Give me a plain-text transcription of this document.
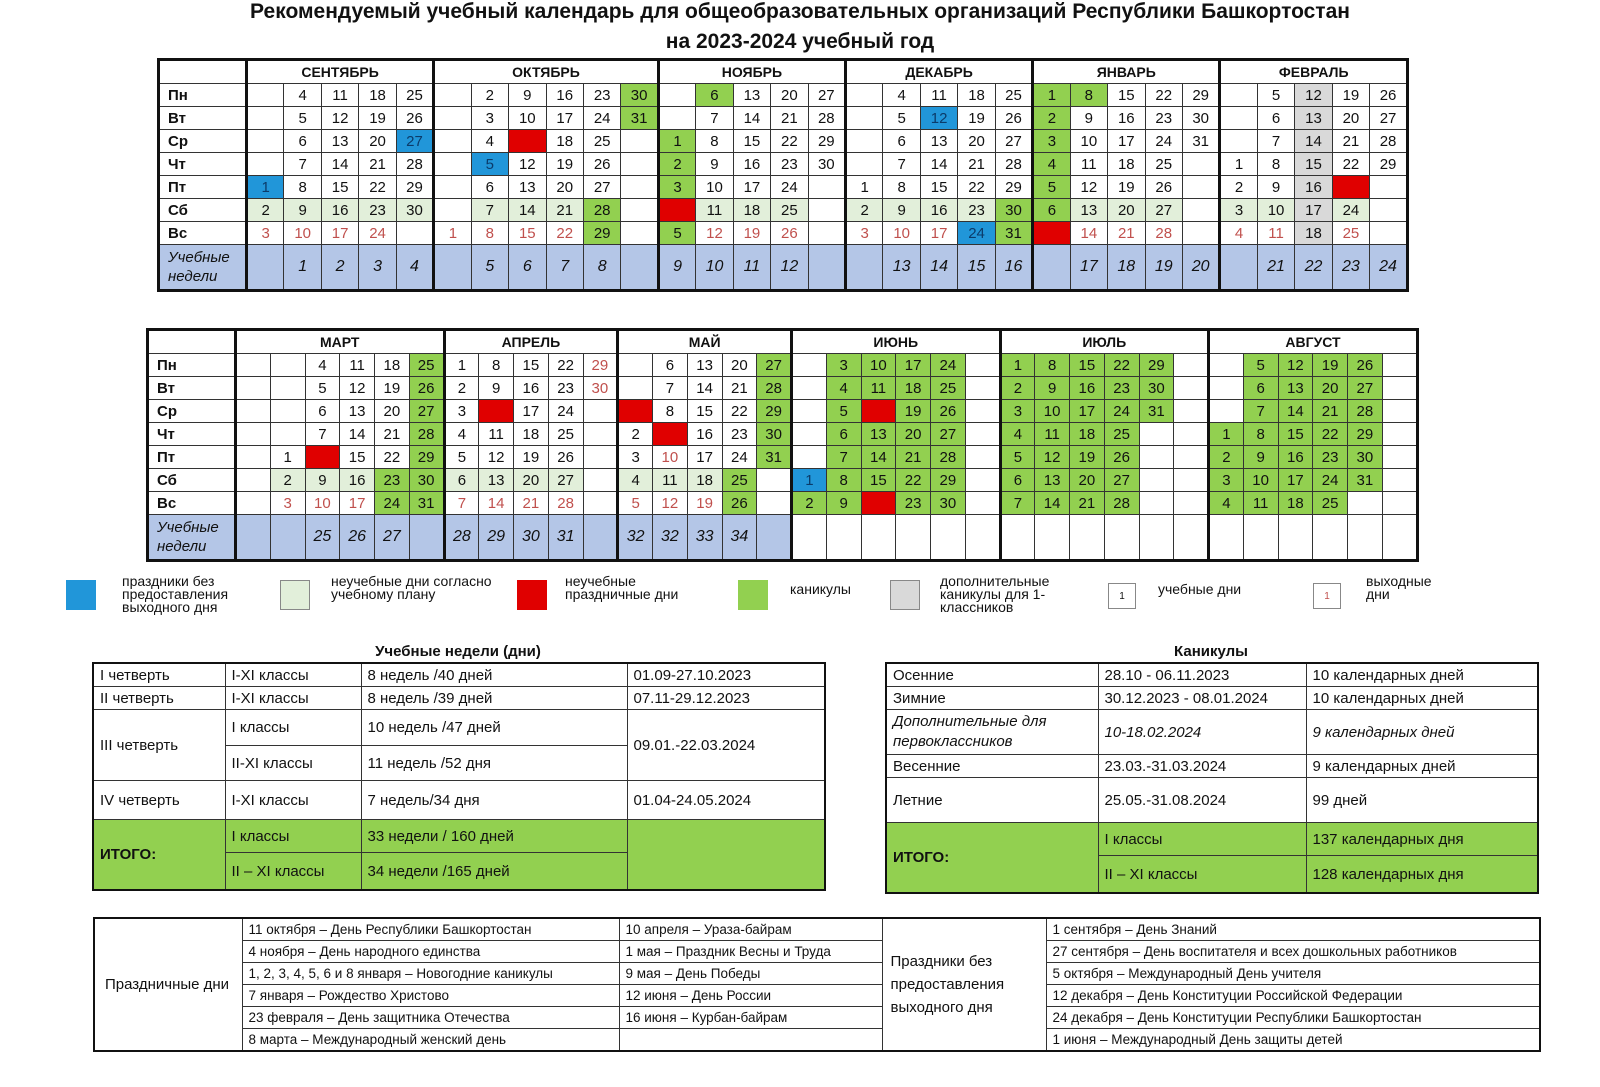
Рекомендуемый учебный календарь для общеобразовательных организаций Республики Башкортостан
на 2023-2024 учебный год
	СЕНТЯБРЬ					ОКТЯБРЬ						НОЯБРЬ					ДЕКАБРЬ					ЯНВАРЬ					ФЕВРАЛЬ				
Пн		4	11	18	25		2	9	16	23	30		6	13	20	27		4	11	18	25	1	8	15	22	29		5	12	19	26
Вт		5	12	19	26		3	10	17	24	31		7	14	21	28		5	12	19	26	2	9	16	23	30		6	13	20	27
Ср		6	13	20	27		4	11	18	25		1	8	15	22	29		6	13	20	27	3	10	17	24	31		7	14	21	28
Чт		7	14	21	28		5	12	19	26		2	9	16	23	30		7	14	21	28	4	11	18	25		1	8	15	22	29
Пт	1	8	15	22	29		6	13	20	27		3	10	17	24		1	8	15	22	29	5	12	19	26		2	9	16	23	
Сб	2	9	16	23	30		7	14	21	28		4	11	18	25		2	9	16	23	30	6	13	20	27		3	10	17	24	
Вс	3	10	17	24		1	8	15	22	29		5	12	19	26		3	10	17	24	31	7	14	21	28		4	11	18	25	
Учебные недели		1	2	3	4		5	6	7	8		9	10	11	12			13	14	15	16		17	18	19	20		21	22	23	24
	МАРТ						АПРЕЛЬ					МАЙ					ИЮНЬ						ИЮЛЬ						АВГУСТ					
Пн			4	11	18	25	1	8	15	22	29		6	13	20	27		3	10	17	24		1	8	15	22	29			5	12	19	26	
Вт			5	12	19	26	2	9	16	23	30		7	14	21	28		4	11	18	25		2	9	16	23	30			6	13	20	27	
Ср			6	13	20	27	3	10	17	24		1	8	15	22	29		5	12	19	26		3	10	17	24	31			7	14	21	28	
Чт			7	14	21	28	4	11	18	25		2	9	16	23	30		6	13	20	27		4	11	18	25			1	8	15	22	29	
Пт		1	8	15	22	29	5	12	19	26		3	10	17	24	31		7	14	21	28		5	12	19	26			2	9	16	23	30	
Сб		2	9	16	23	30	6	13	20	27		4	11	18	25		1	8	15	22	29		6	13	20	27			3	10	17	24	31	
Вс		3	10	17	24	31	7	14	21	28		5	12	19	26		2	9	16	23	30		7	14	21	28			4	11	18	25		
Учебные недели			25	26	27		28	29	30	31		32	32	33	34																			
праздники без предоставления выходного дня
неучебные дни согласно учебному плану
неучебные праздничные дни	каникулы	дополнительные каникулы для 1-классников
1	учебные дни	1
выходные дни
Учебные недели (дни)
I четверть	I-XI классы	8 недель /40 дней	01.09-27.10.2023
II четверть	I-XI классы	8 недель /39 дней	07.11-29.12.2023
III четверть	I классы	10 недель /47 дней	09.01.-22.03.2024
	II-XI классы	11 недель /52 дня	
IV четверть	I-XI классы	7 недель/34 дня	01.04-24.05.2024
ИТОГО:	I классы	33 недели / 160 дней	
	II – XI классы	34 недели /165 дней	
Каникулы
Осенние	28.10 - 06.11.2023	10 календарных дней
Зимние	30.12.2023 - 08.01.2024	10 календарных дней
Дополнительные для первоклассников	10-18.02.2024	9 календарных дней
Весенние	23.03.-31.03.2024	9 календарных дней
Летние	25.05.-31.08.2024	99 дней
ИТОГО:	I классы	137 календарных дня
	II – XI классы	128 календарных дня
Праздничные дни	11 октября – День Республики Башкортостан	10 апреля – Ураза-байрам	Праздники без предоставления выходного дня	1 сентября – День Знаний
	4 ноября – День народного единства	1 мая – Праздник Весны и Труда		27 сентября – День воспитателя и всех дошкольных работников
	1, 2, 3, 4, 5, 6 и 8 января – Новогодние каникулы	9 мая – День Победы		5 октября – Международный День учителя
	7 января – Рождество Христово	12 июня – День России		12 декабря – День Конституции Российской Федерации
	23 февраля – День защитника Отечества	16 июня – Курбан-байрам		24 декабря – День Конституции Республики Башкортостан
	8 марта – Международный женский день			1 июня – Международный День защиты детей
